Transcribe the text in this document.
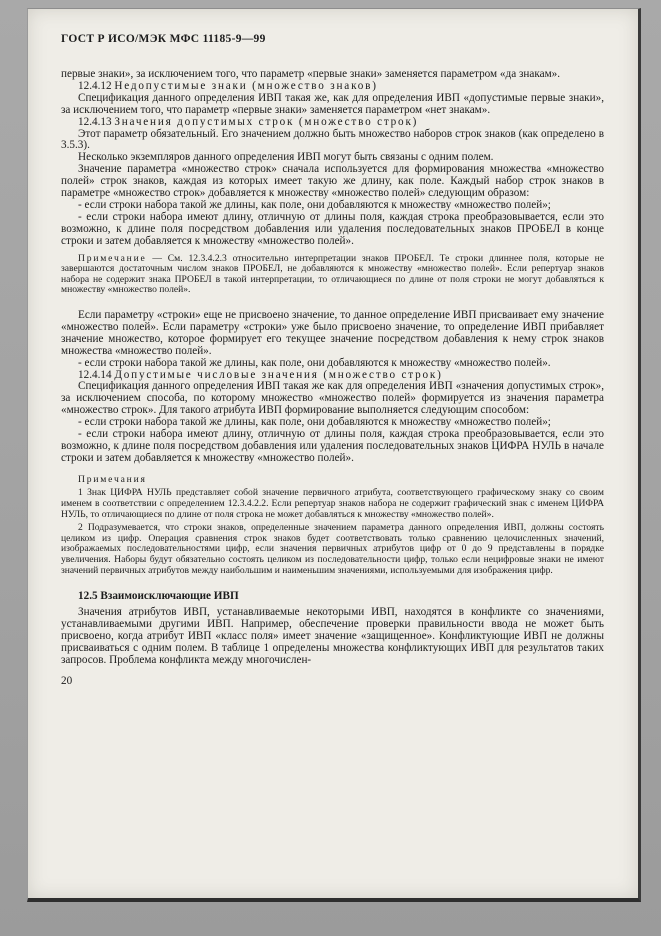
ГОСТ Р ИСО/МЭК МФС 11185-9—99

первые знаки», за исключением того, что параметр «первые знаки» заменяется параметром «да знакам».

12.4.12 Недопустимые знаки (множество знаков)

Спецификация данного определения ИВП такая же, как для определения ИВП «допустимые первые знаки», за исключением того, что параметр «первые знаки» заменяется параметром «нет знакам».

12.4.13 Значения допустимых строк (множество строк)

Этот параметр обязательный. Его значением должно быть множество наборов строк знаков (как определено в 3.5.3).

Несколько экземпляров данного определения ИВП могут быть связаны с одним полем.

Значение параметра «множество строк» сначала используется для формирования множества «множество полей» строк знаков, каждая из которых имеет такую же длину, как поле. Каждый набор строк знаков в параметре «множество строк» добавляется к множеству «множество полей» следующим образом:

- если строки набора такой же длины, как поле, они добавляются к множеству «множество полей»;

- если строки набора имеют длину, отличную от длины поля, каждая строка преобразовывается, если это возможно, к длине поля посредством добавления или удаления последовательных знаков ПРОБЕЛ в конце строки и затем добавляется к множеству «множество полей».

Примечание — См. 12.3.4.2.3 относительно интерпретации знаков ПРОБЕЛ. Те строки длиннее поля, которые не завершаются достаточным числом знаков ПРОБЕЛ, не добавляются к множеству «множество полей». Если репертуар знаков набора не содержит знака ПРОБЕЛ в такой интерпретации, то отличающиеся по длине от поля строки не могут добавляться к множеству «множество полей».

Если параметру «строки» еще не присвоено значение, то данное определение ИВП присваивает ему значение «множество полей». Если параметру «строки» уже было присвоено значение, то определение ИВП прибавляет значение множество, которое формирует его текущее значение посредством добавления к нему строк знаков множества «множество полей».

- если строки набора такой же длины, как поле, они добавляются к множеству «множество полей».

12.4.14 Допустимые числовые значения (множество строк)

Спецификация данного определения ИВП такая же как для определения ИВП «значения допустимых строк», за исключением способа, по которому множество «множество полей» формируется из значения параметра «множество строк». Для такого атрибута ИВП формирование выполняется следующим способом:

- если строки набора такой же длины, как поле, они добавляются к множеству «множество полей»;

- если строки набора имеют длину, отличную от длины поля, каждая строка преобразовывается, если это возможно, к длине поля посредством добавления или удаления последовательных знаков ЦИФРА НУЛЬ в начале строки и затем добавляется к множеству «множество полей».

Примечания

1 Знак ЦИФРА НУЛЬ представляет собой значение первичного атрибута, соответствующего графическому знаку со своим именем в соответствии с определением 12.3.4.2.2. Если репертуар знаков набора не содержит графический знак с именем ЦИФРА НУЛЬ, то отличающиеся по длине от поля строка не может добавляться к множеству «множество полей».

2 Подразумевается, что строки знаков, определенные значением параметра данного определения ИВП, должны состоять целиком из цифр. Операция сравнения строк знаков будет соответствовать только сравнению целочисленных значений, изображаемых последовательностями цифр, если значения первичных атрибутов цифр от 0 до 9 представлены в порядке увеличения. Наборы будут обязательно состоять целиком из последовательности цифр, только если нецифровые знаки не имеют значений первичных атрибутов между наибольшим и наименьшим значениями, используемыми для изображения цифр.

12.5 Взаимоисключающие ИВП

Значения атрибутов ИВП, устанавливаемые некоторыми ИВП, находятся в конфликте со значениями, устанавливаемыми другими ИВП. Например, обеспечение проверки правильности ввода не может быть присвоено, когда атрибут ИВП «класс поля» имеет значение «защищенное». Конфликтующие ИВП не должны присваиваться с одним полем. В таблице 1 определены множества конфликтующих ИВП для результатов таких запросов. Проблема конфликта между многочислен-

20
